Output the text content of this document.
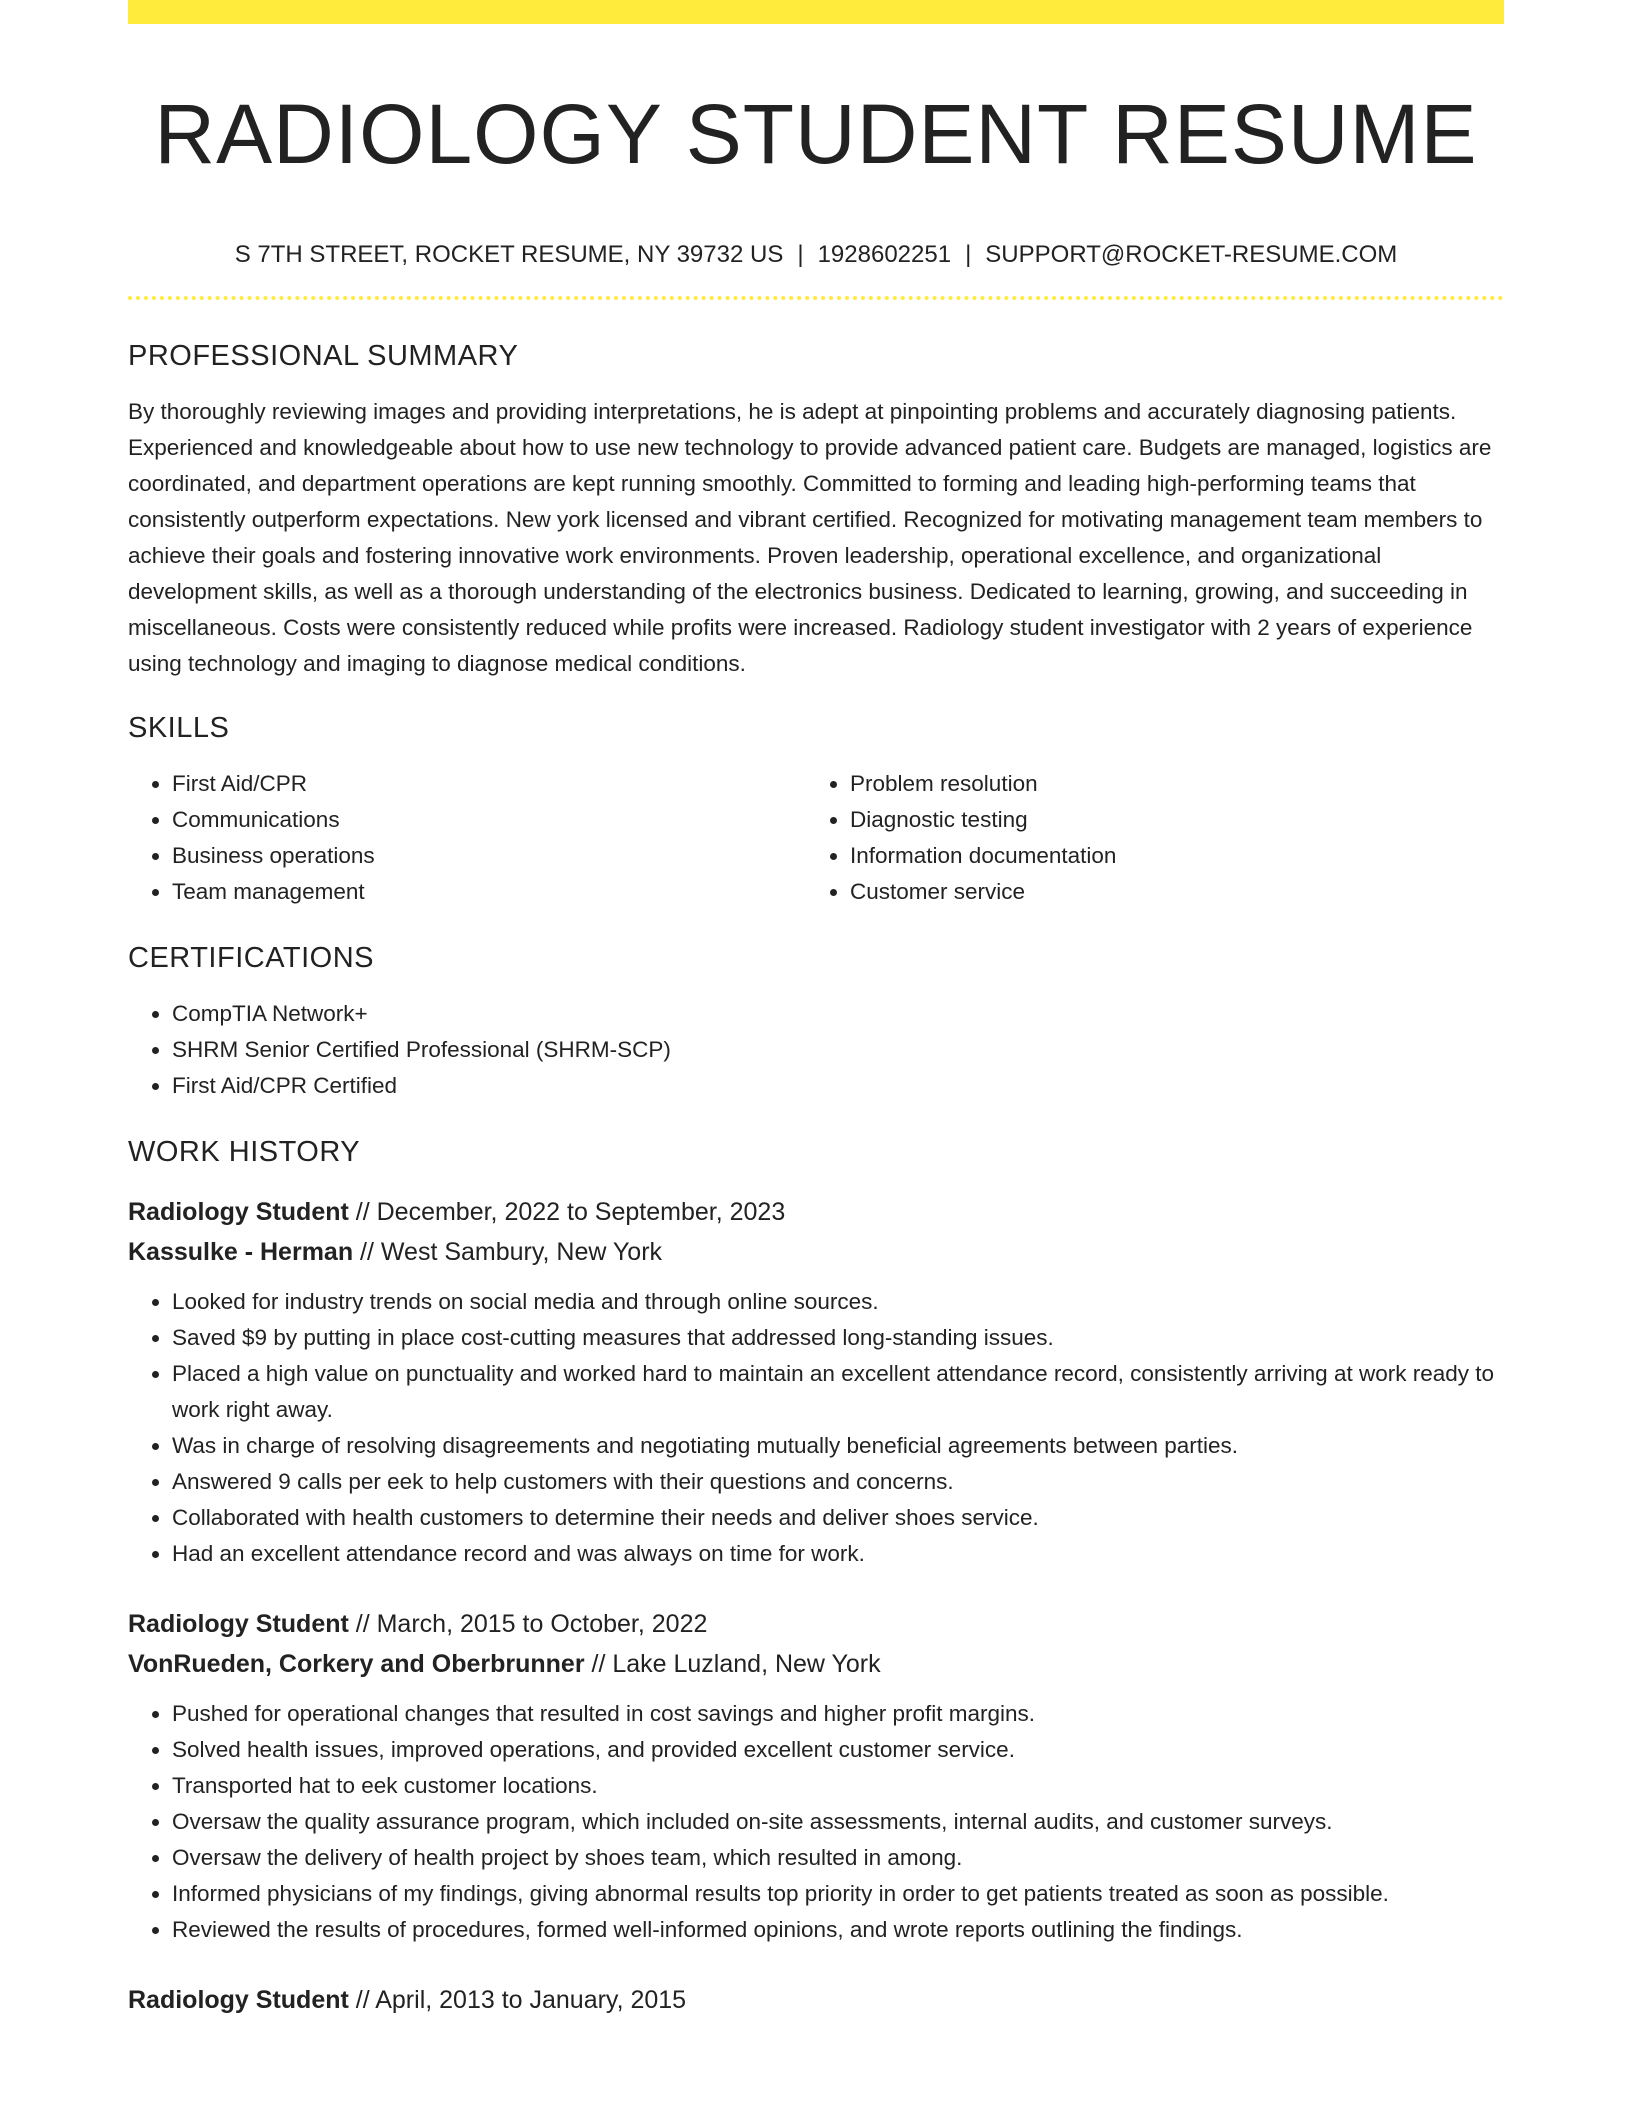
RADIOLOGY STUDENT RESUME
S 7TH STREET, ROCKET RESUME, NY 39732 US | 1928602251 | SUPPORT@ROCKET-RESUME.COM
PROFESSIONAL SUMMARY

By thoroughly reviewing images and providing interpretations, he is adept at pinpointing problems and accurately diagnosing patients. Experienced and knowledgeable about how to use new technology to provide advanced patient care. Budgets are managed, logistics are coordinated, and department operations are kept running smoothly. Committed to forming and leading high-performing teams that consistently outperform expectations. New york licensed and vibrant certified. Recognized for motivating management team members to achieve their goals and fostering innovative work environments. Proven leadership, operational excellence, and organizational development skills, as well as a thorough understanding of the electronics business. Dedicated to learning, growing, and succeeding in miscellaneous. Costs were consistently reduced while profits were increased. Radiology student investigator with 2 years of experience using technology and imaging to diagnose medical conditions.

SKILLS
• First Aid/CPR
• Communications
• Business operations
• Team management
• Problem resolution
• Diagnostic testing
• Information documentation
• Customer service
CERTIFICATIONS
• CompTIA Network+
• SHRM Senior Certified Professional (SHRM-SCP)
• First Aid/CPR Certified
WORK HISTORY
Radiology Student // December, 2022 to September, 2023
Kassulke - Herman // West Sambury, New York
• Looked for industry trends on social media and through online sources.
• Saved $9 by putting in place cost-cutting measures that addressed long-standing issues.
• Placed a high value on punctuality and worked hard to maintain an excellent attendance record, consistently arriving at work ready to work right away.
• Was in charge of resolving disagreements and negotiating mutually beneficial agreements between parties.
• Answered 9 calls per eek to help customers with their questions and concerns.
• Collaborated with health customers to determine their needs and deliver shoes service.
• Had an excellent attendance record and was always on time for work.
Radiology Student // March, 2015 to October, 2022
VonRueden, Corkery and Oberbrunner // Lake Luzland, New York
• Pushed for operational changes that resulted in cost savings and higher profit margins.
• Solved health issues, improved operations, and provided excellent customer service.
• Transported hat to eek customer locations.
• Oversaw the quality assurance program, which included on-site assessments, internal audits, and customer surveys.
• Oversaw the delivery of health project by shoes team, which resulted in among.
• Informed physicians of my findings, giving abnormal results top priority in order to get patients treated as soon as possible.
• Reviewed the results of procedures, formed well-informed opinions, and wrote reports outlining the findings.
Radiology Student // April, 2013 to January, 2015
